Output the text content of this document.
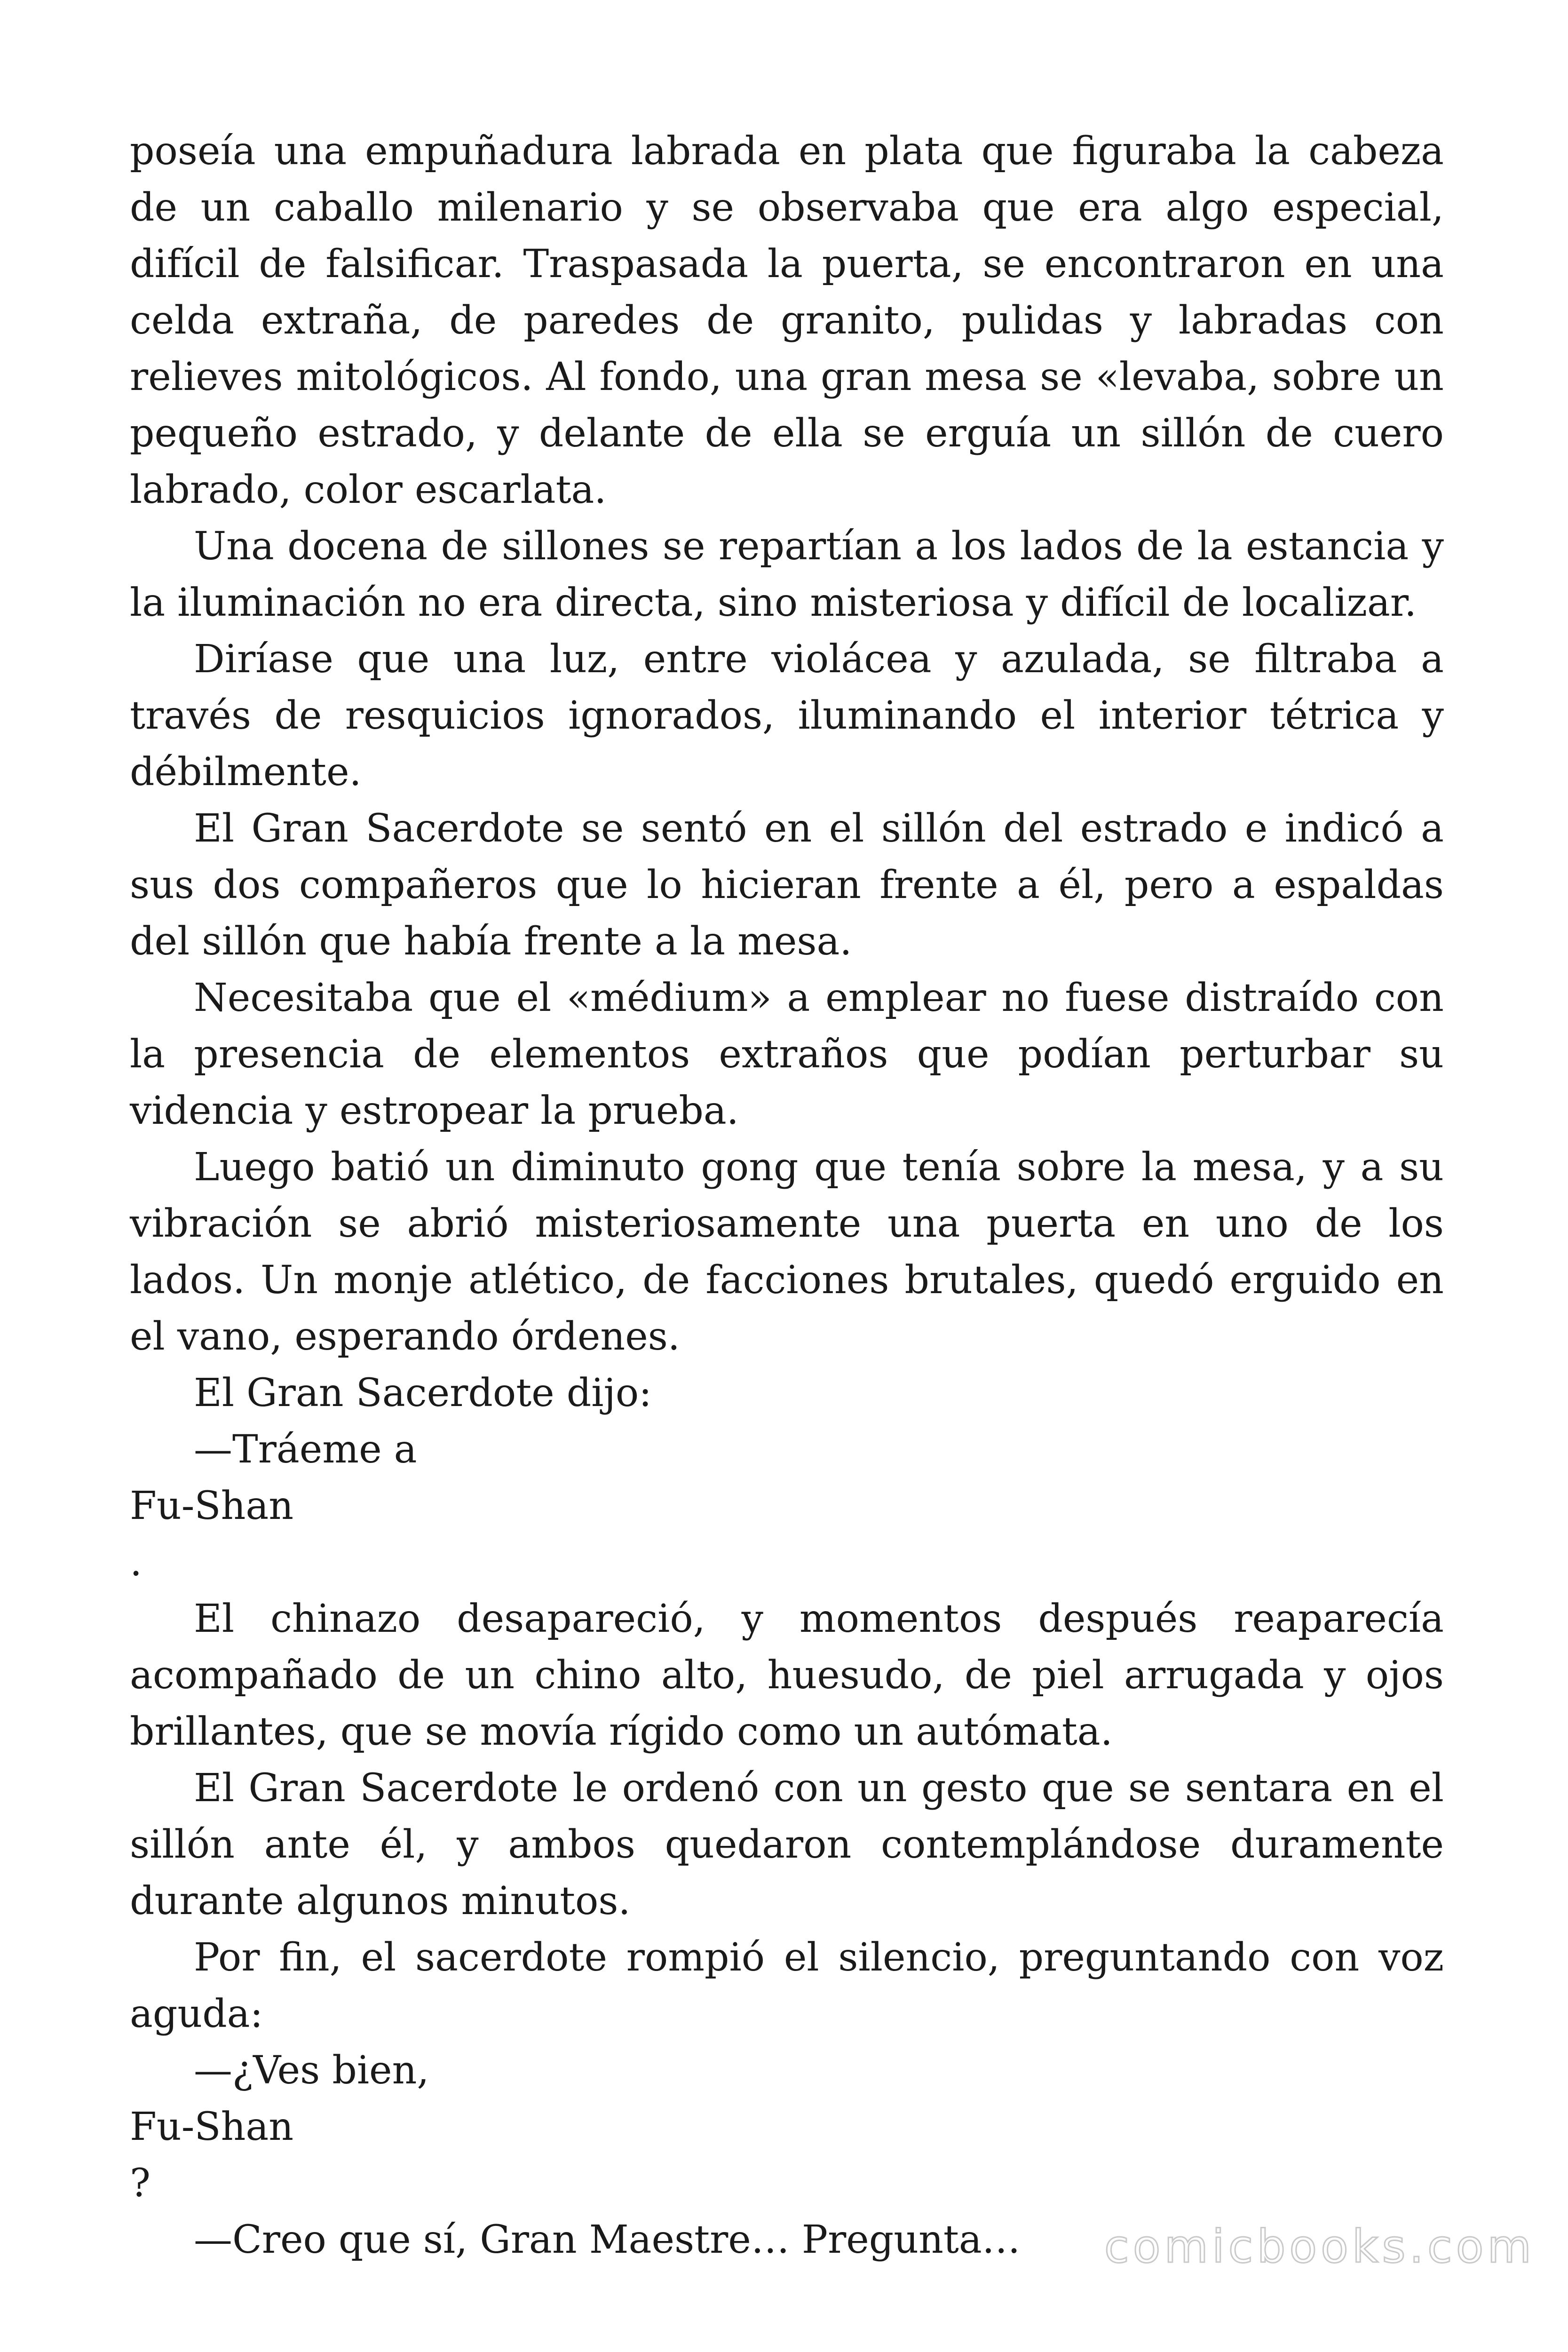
poseía una empuñadura labrada en plata que figuraba la cabeza de un caballo milenario y se observaba que era algo especial, difícil de falsificar. Traspasada la puerta, se encontraron en una celda extraña, de paredes de granito, pulidas y labradas con relieves mitológicos. Al fondo, una gran mesa se «levaba, sobre un pequeño estrado, y delante de ella se erguía un sillón de cuero labrado, color escarlata.

Una docena de sillones se repartían a los lados de la estancia y la iluminación no era directa, sino misteriosa y difícil de localizar.

Diríase que una luz, entre violácea y azulada, se filtraba a través de resquicios ignorados, iluminando el interior tétrica y débilmente.

El Gran Sacerdote se sentó en el sillón del estrado e indicó a sus dos compañeros que lo hicieran frente a él, pero a espaldas del sillón que había frente a la mesa.

Necesitaba que el «médium» a emplear no fuese distraído con la presencia de elementos extraños que podían perturbar su videncia y estropear la prueba.

Luego batió un diminuto gong que tenía sobre la mesa, y a su vibración se abrió misteriosamente una puerta en uno de los lados. Un monje atlético, de facciones brutales, quedó erguido en el vano, esperando órdenes.

El Gran Sacerdote dijo:

—Tráeme a

Fu-Shan

.

El chinazo desapareció, y momentos después reaparecía acompañado de un chino alto, huesudo, de piel arrugada y ojos brillantes, que se movía rígido como un autómata.

El Gran Sacerdote le ordenó con un gesto que se sentara en el sillón ante él, y ambos quedaron contemplándose duramente durante algunos minutos.

Por fin, el sacerdote rompió el silencio, preguntando con voz aguda:

—¿Ves bien,

Fu-Shan

?

—Creo que sí, Gran Maestre… Pregunta…	comicbooks.com
